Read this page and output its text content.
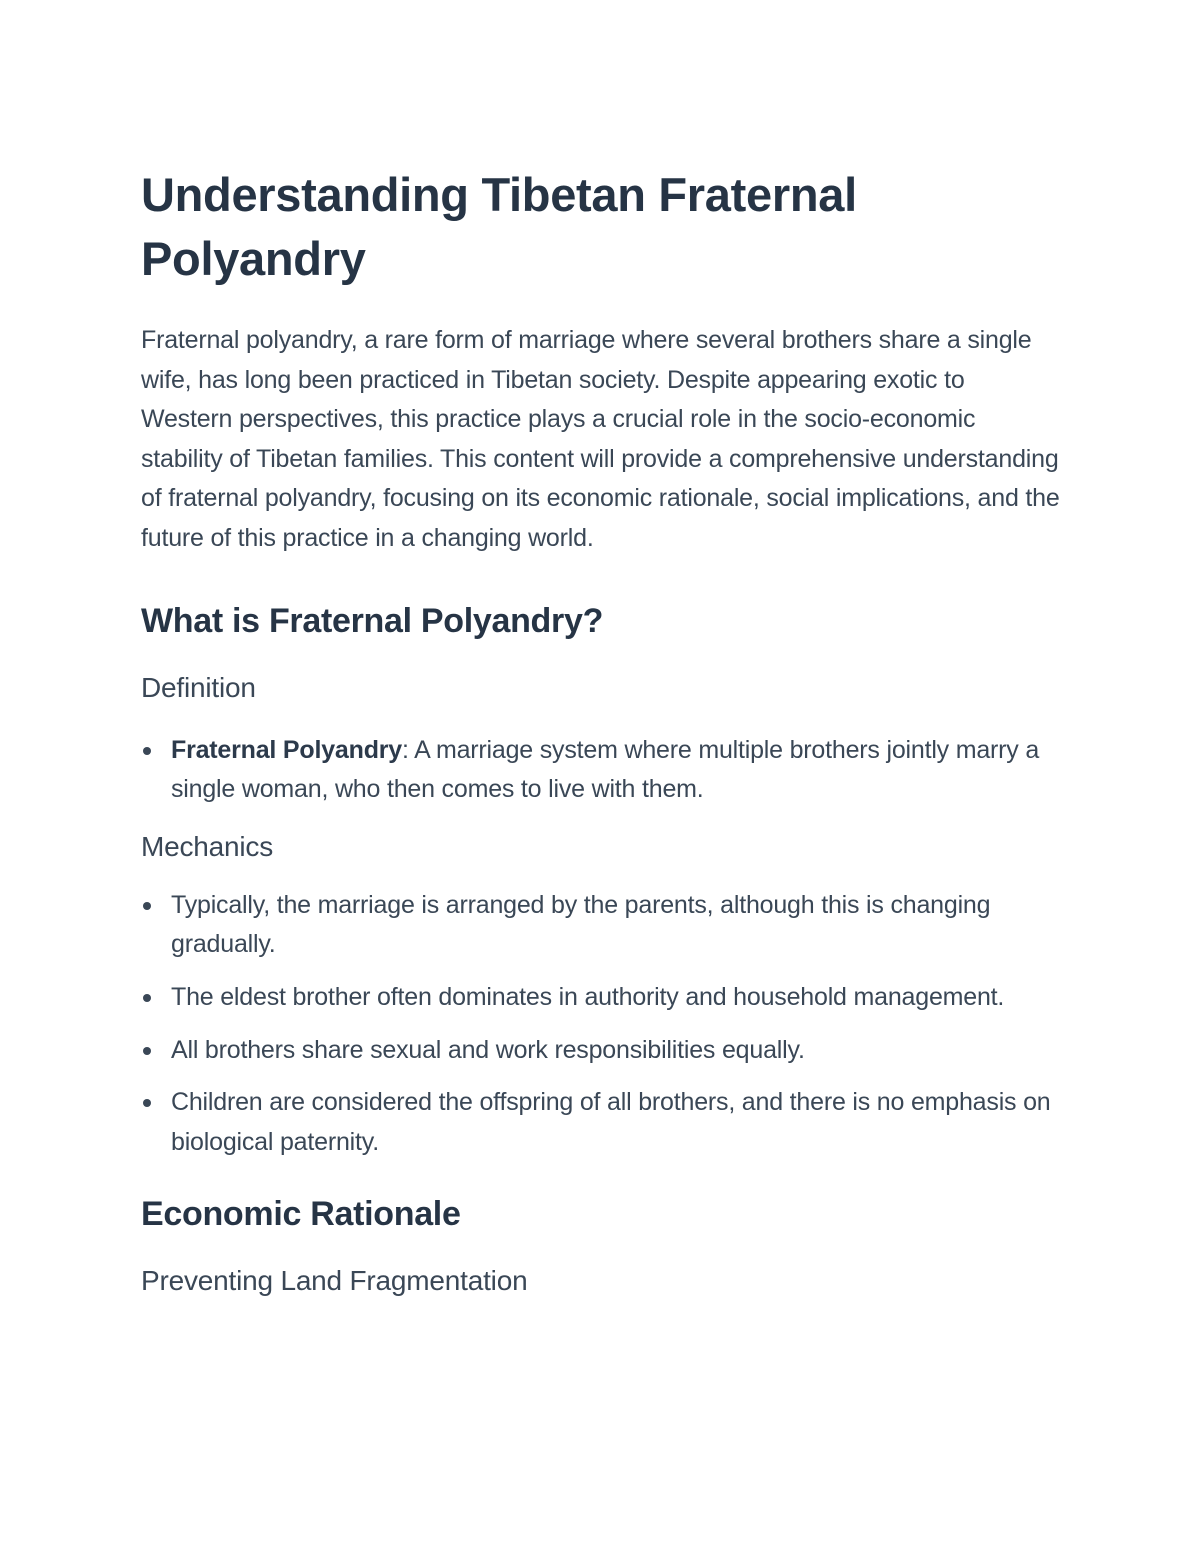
Understanding Tibetan Fraternal Polyandry

Fraternal polyandry, a rare form of marriage where several brothers share a single wife, has long been practiced in Tibetan society. Despite appearing exotic to Western perspectives, this practice plays a crucial role in the socio-economic stability of Tibetan families. This content will provide a comprehensive understanding of fraternal polyandry, focusing on its economic rationale, social implications, and the future of this practice in a changing world.

What is Fraternal Polyandry?
Definition
Fraternal Polyandry: A marriage system where multiple brothers jointly marry a single woman, who then comes to live with them.
Mechanics
Typically, the marriage is arranged by the parents, although this is changing gradually.
The eldest brother often dominates in authority and household management.
All brothers share sexual and work responsibilities equally.
Children are considered the offspring of all brothers, and there is no emphasis on biological paternity.
Economic Rationale
Preventing Land Fragmentation
